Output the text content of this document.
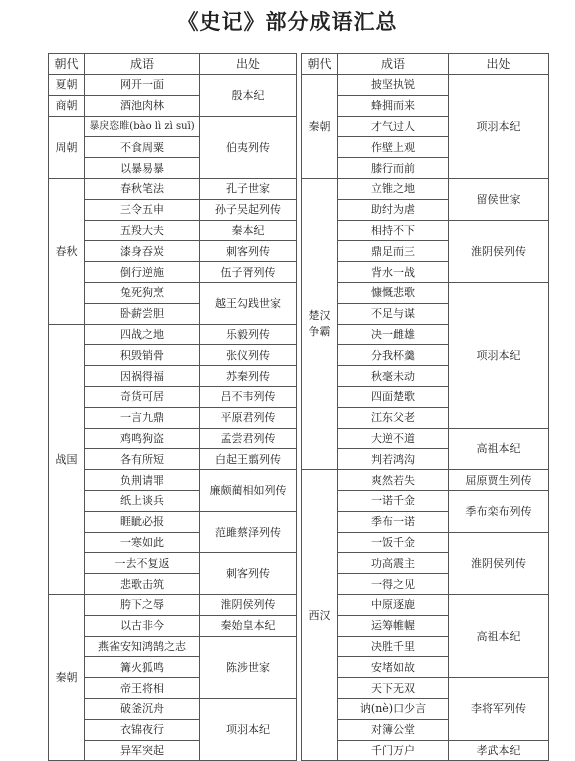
《史记》部分成语汇总
朝代	成语	出处
夏朝	网开一面	殷本纪
商朝	酒池肉林	
周朝	暴戾恣睢(bào lì zì suī)	伯夷列传
	不食周粟	
	以暴易暴	
春秋	春秋笔法	孔子世家
	三令五申	孙子吴起列传
	五羖大夫	秦本纪
	漆身吞炭	刺客列传
	倒行逆施	伍子胥列传
	兔死狗烹	越王勾践世家
	卧薪尝胆	
战国	四战之地	乐毅列传
	积毁销骨	张仪列传
	因祸得福	苏秦列传
	奇货可居	吕不韦列传
	一言九鼎	平原君列传
	鸡鸣狗盗	孟尝君列传
	各有所短	白起王翦列传
	负荆请罪	廉颇蔺相如列传
	纸上谈兵	
	睚眦必报	范雎蔡泽列传
	一寒如此	
	一去不复返	刺客列传
	悲歌击筑	
秦朝	胯下之辱	淮阴侯列传
	以古非今	秦始皇本纪
	燕雀安知鸿鹄之志	陈涉世家
	篝火狐鸣	
	帝王将相	
	破釜沉舟	项羽本纪
	衣锦夜行	
	异军突起	
朝代	成语	出处
秦朝	披坚执锐	项羽本纪
	蜂拥而来	
	才气过人	
	作壁上观	
	膝行而前	
楚汉争霸	立锥之地	留侯世家
	助纣为虐	
	相持不下	淮阴侯列传
	鼎足而三	
	背水一战	
	慷慨悲歌	项羽本纪
	不足与谋	
	决一雌雄	
	分我杯羹	
	秋毫未动	
	四面楚歌	
	江东父老	
	大逆不道	高祖本纪
	判若鸿沟	
西汉	爽然若失	屈原贾生列传
	一诺千金	季布栾布列传
	季布一诺	
	一饭千金	淮阴侯列传
	功高震主	
	一得之见	
	中原逐鹿	高祖本纪
	运筹帷幄	
	决胜千里	
	安堵如故	
	天下无双	李将军列传
	讷(nè)口少言	
	对簿公堂	
	千门万户	孝武本纪
